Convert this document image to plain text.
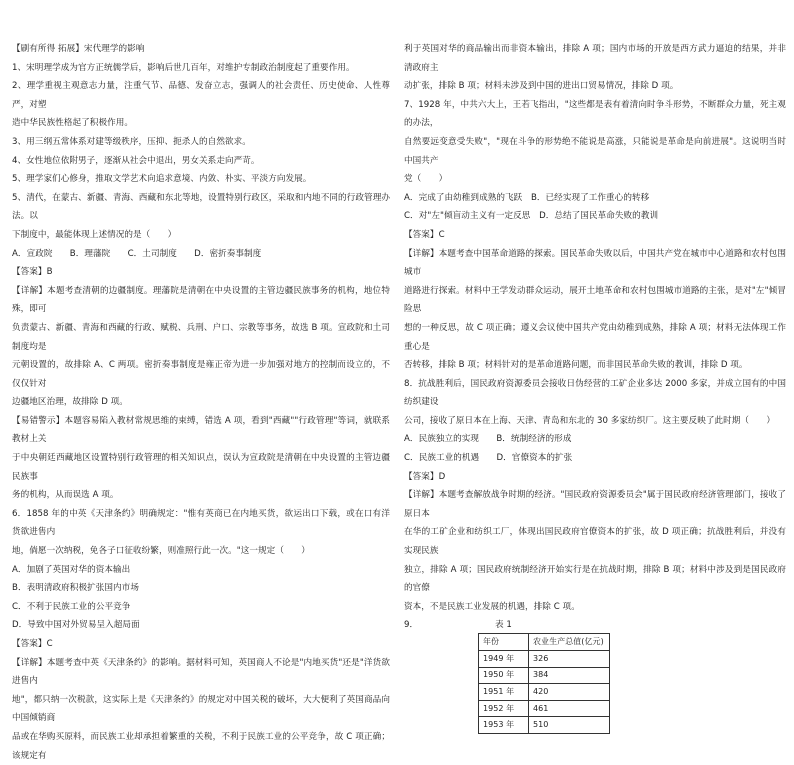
【刷有所得 拓展】宋代理学的影响

1、宋明理学成为官方正统儒学后，影响后世几百年，对维护专制政治制度起了重要作用。

2、理学重视主观意志力量，注重气节、品德、发奋立志，强调人的社会责任、历史使命、人性尊严，对塑

造中华民族性格起了积极作用。

3、用三纲五常体系对建等级秩序，压抑、扼杀人的自然欲求。

4、女性地位依附男子，逐渐从社会中退出，男女关系走向严苛。

5、理学家们心修身，推取文学艺术向追求意境、内敛、朴实、平淡方向发展。

5、清代，在蒙古、新疆、青海、西藏和东北等地，设置特别行政区，采取和内地不同的行政管理办法。以

下制度中，最能体现上述情况的是（　　）

A．宣政院　　B．理藩院　　C．土司制度　　D．密折奏事制度

【答案】B

【详解】本题考查清朝的边疆制度。理藩院是清朝在中央设置的主管边疆民族事务的机构，地位特殊，即可

负责蒙古、新疆、青海和西藏的行政、赋税、兵刑、户口、宗教等事务，故选 B 项。宣政院和土司制度均是

元朝设置的，故排除 A、C 两项。密折奏事制度是雍正帝为进一步加强对地方的控制而设立的，不仅仅针对

边疆地区治理，故排除 D 项。

【易错警示】本题容易陷入教材常规思维的束缚，错选 A 项，看到"西藏""行政管理"等词，就联系教材上关

于中央朝廷西藏地区设置特别行政管理的相关知识点，误认为宣政院是清朝在中央设置的主管边疆民族事

务的机构，从而误选 A 项。

6．1858 年的中英《天津条约》明确规定："惟有英商已在内地买货，欲运出口下载，或在口有洋货欲进售内

地，倘愿一次纳税，免各子口征收纷繁，则准照行此一次。"这一规定（　　）

A．加剧了英国对华的资本输出

B．表明清政府积极扩张国内市场

C．不利于民族工业的公平竞争

D．导致中国对外贸易呈入超局面

【答案】C

【详解】本题考查中英《天津条约》的影响。据材料可知，英国商人不论是"内地买货"还是"洋货欲进售内

地"，都只纳一次税款，这实际上是《天津条约》的规定对中国关税的破坏，大大便利了英国商品向中国倾销商

品或在华购买原料，而民族工业却承担着繁重的关税，不利于民族工业的公平竞争，故 C 项正确；该规定有

利于英国对华的商品输出而非资本输出，排除 A 项；国内市场的开放是西方武力逼迫的结果，并非清政府主

动扩张，排除 B 项；材料未涉及到中国的进出口贸易情况，排除 D 项。

7、1928 年，中共六大上，王若飞指出，"这些都是表有着清向时争斗形势，不断群众力量，死主观的办法，

自然要远变意受失败"，"现在斗争的形势绝不能说是高涨，只能说是革命是向前进展"。这说明当时中国共产

党（　　）

A．完成了由幼稚到成熟的飞跃　B．已经实现了工作重心的转移

C．对"左"倾盲动主义有一定反思　D．总结了国民革命失败的教训

【答案】C

【详解】本题考查中国革命道路的探索。国民革命失败以后，中国共产党在城市中心道路和农村包围城市

道路进行探索。材料中王学发动群众运动，展开土地革命和农村包围城市道路的主张，是对"左"倾冒险思

想的一种反思，故 C 项正确；遵义会议使中国共产党由幼稚到成熟，排除 A 项；材料无法体现工作重心是

否转移，排除 B 项；材料针对的是革命道路问题，而非国民革命失败的教训，排除 D 项。

8．抗战胜利后，国民政府资源委员会接收日伪经营的工矿企业多达 2000 多家，并成立国有的中国纺织建设

公司，接收了原日本在上海、天津、青岛和东北的 30 多家纺织厂。这主要反映了此时期（　　）

A．民族独立的实现　　B．统制经济的形成

C．民族工业的机遇　　D．官僚资本的扩张

【答案】D

【详解】本题考查解放战争时期的经济。"国民政府资源委员会"属于国民政府经济管理部门，接收了原日本

在华的工矿企业和纺织工厂，体现出国民政府官僚资本的扩张，故 D 项正确；抗战胜利后，并没有实现民族

独立，排除 A 项；国民政府统制经济开始实行是在抗战时期，排除 B 项；材料中涉及到是国民政府的官僚

资本，不是民族工业发展的机遇，排除 C 项。

9．	表 1
年份	农业生产总值(亿元)
1949 年	326
1950 年	384
1951 年	420
1952 年	461
1953 年	510
